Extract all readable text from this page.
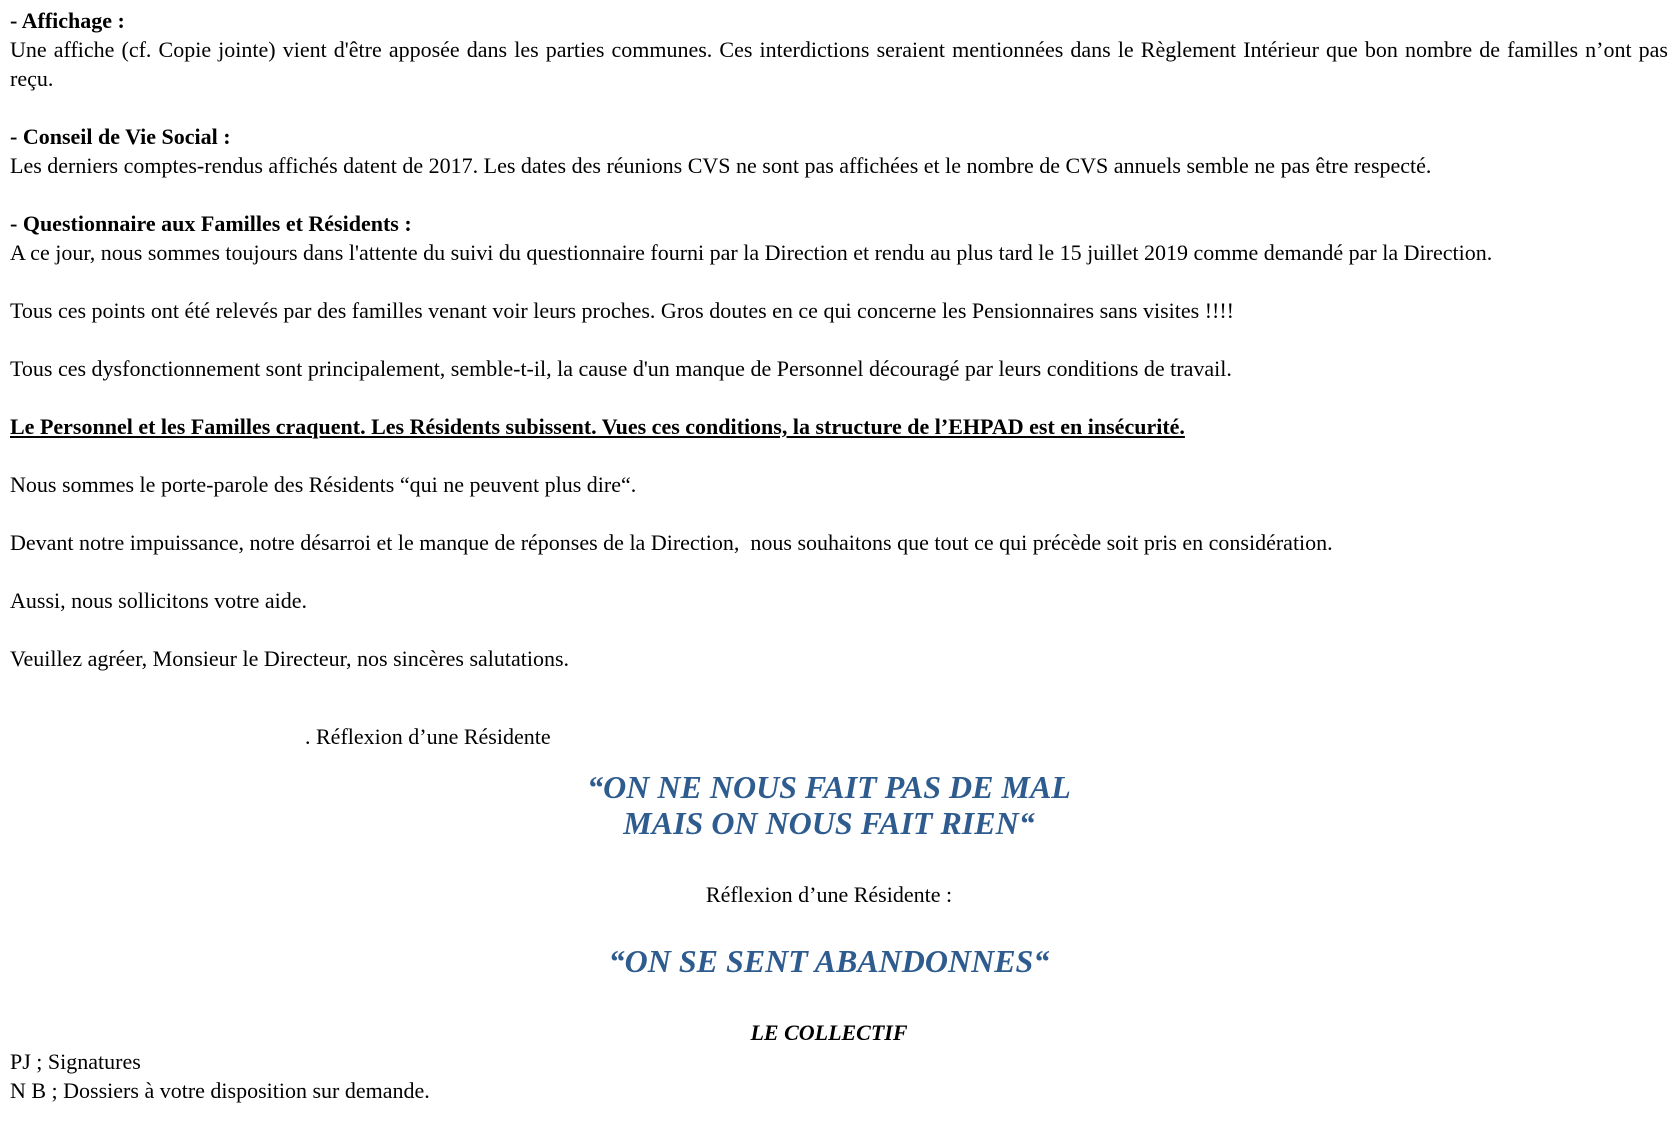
- Affichage :

Une affiche (cf. Copie jointe) vient d'être apposée dans les parties communes. Ces interdictions seraient mentionnées dans le Règlement Intérieur que bon nombre de familles n’ont pas reçu.

- Conseil de Vie Social :

Les derniers comptes-rendus affichés datent de 2017. Les dates des réunions CVS ne sont pas affichées et le nombre de CVS annuels semble ne pas être respecté.

- Questionnaire aux Familles et Résidents :

A ce jour, nous sommes toujours dans l'attente du suivi du questionnaire fourni par la Direction et rendu au plus tard le 15 juillet 2019 comme demandé par la Direction.

Tous ces points ont été relevés par des familles venant voir leurs proches. Gros doutes en ce qui concerne les Pensionnaires sans visites !!!!

Tous ces dysfonctionnement sont principalement, semble-t-il, la cause d'un manque de Personnel découragé par leurs conditions de travail.

Le Personnel et les Familles craquent. Les Résidents subissent. Vues ces conditions, la structure de l’EHPAD est en insécurité.

Nous sommes le porte-parole des Résidents “qui ne peuvent plus dire“.

Devant notre impuissance, notre désarroi et le manque de réponses de la Direction,  nous souhaitons que tout ce qui précède soit pris en considération.

Aussi, nous sollicitons votre aide.

Veuillez agréer, Monsieur le Directeur, nos sincères salutations.

. Réflexion d’une Résidente
“ON NE NOUS FAIT PAS DE MAL
MAIS ON NOUS FAIT RIEN“
Réflexion d’une Résidente :
“ON SE SENT ABANDONNES“
LE COLLECTIF
PJ ; Signatures
N B ; Dossiers à votre disposition sur demande.
